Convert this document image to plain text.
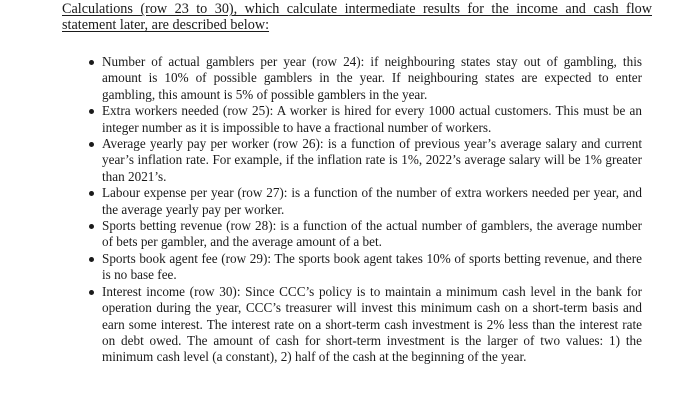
Calculations (row 23 to 30), which calculate intermediate results for the income and cash flow statement later, are described below:

Number of actual gamblers per year (row 24): if neighbouring states stay out of gambling, this amount is 10% of possible gamblers in the year. If neighbouring states are expected to enter gambling, this amount is 5% of possible gamblers in the year.
Extra workers needed (row 25): A worker is hired for every 1000 actual customers. This must be an integer number as it is impossible to have a fractional number of workers.
Average yearly pay per worker (row 26): is a function of previous year’s average salary and current year’s inflation rate. For example, if the inflation rate is 1%, 2022’s average salary will be 1% greater than 2021’s.
Labour expense per year (row 27): is a function of the number of extra workers needed per year, and the average yearly pay per worker.
Sports betting revenue (row 28): is a function of the actual number of gamblers, the average number of bets per gambler, and the average amount of a bet.
Sports book agent fee (row 29): The sports book agent takes 10% of sports betting revenue, and there is no base fee.
Interest income (row 30): Since CCC’s policy is to maintain a minimum cash level in the bank for operation during the year, CCC’s treasurer will invest this minimum cash on a short-term basis and earn some interest. The interest rate on a short-term cash investment is 2% less than the interest rate on debt owed. The amount of cash for short-term investment is the larger of two values: 1) the minimum cash level (a constant), 2) half of the cash at the beginning of the year.
